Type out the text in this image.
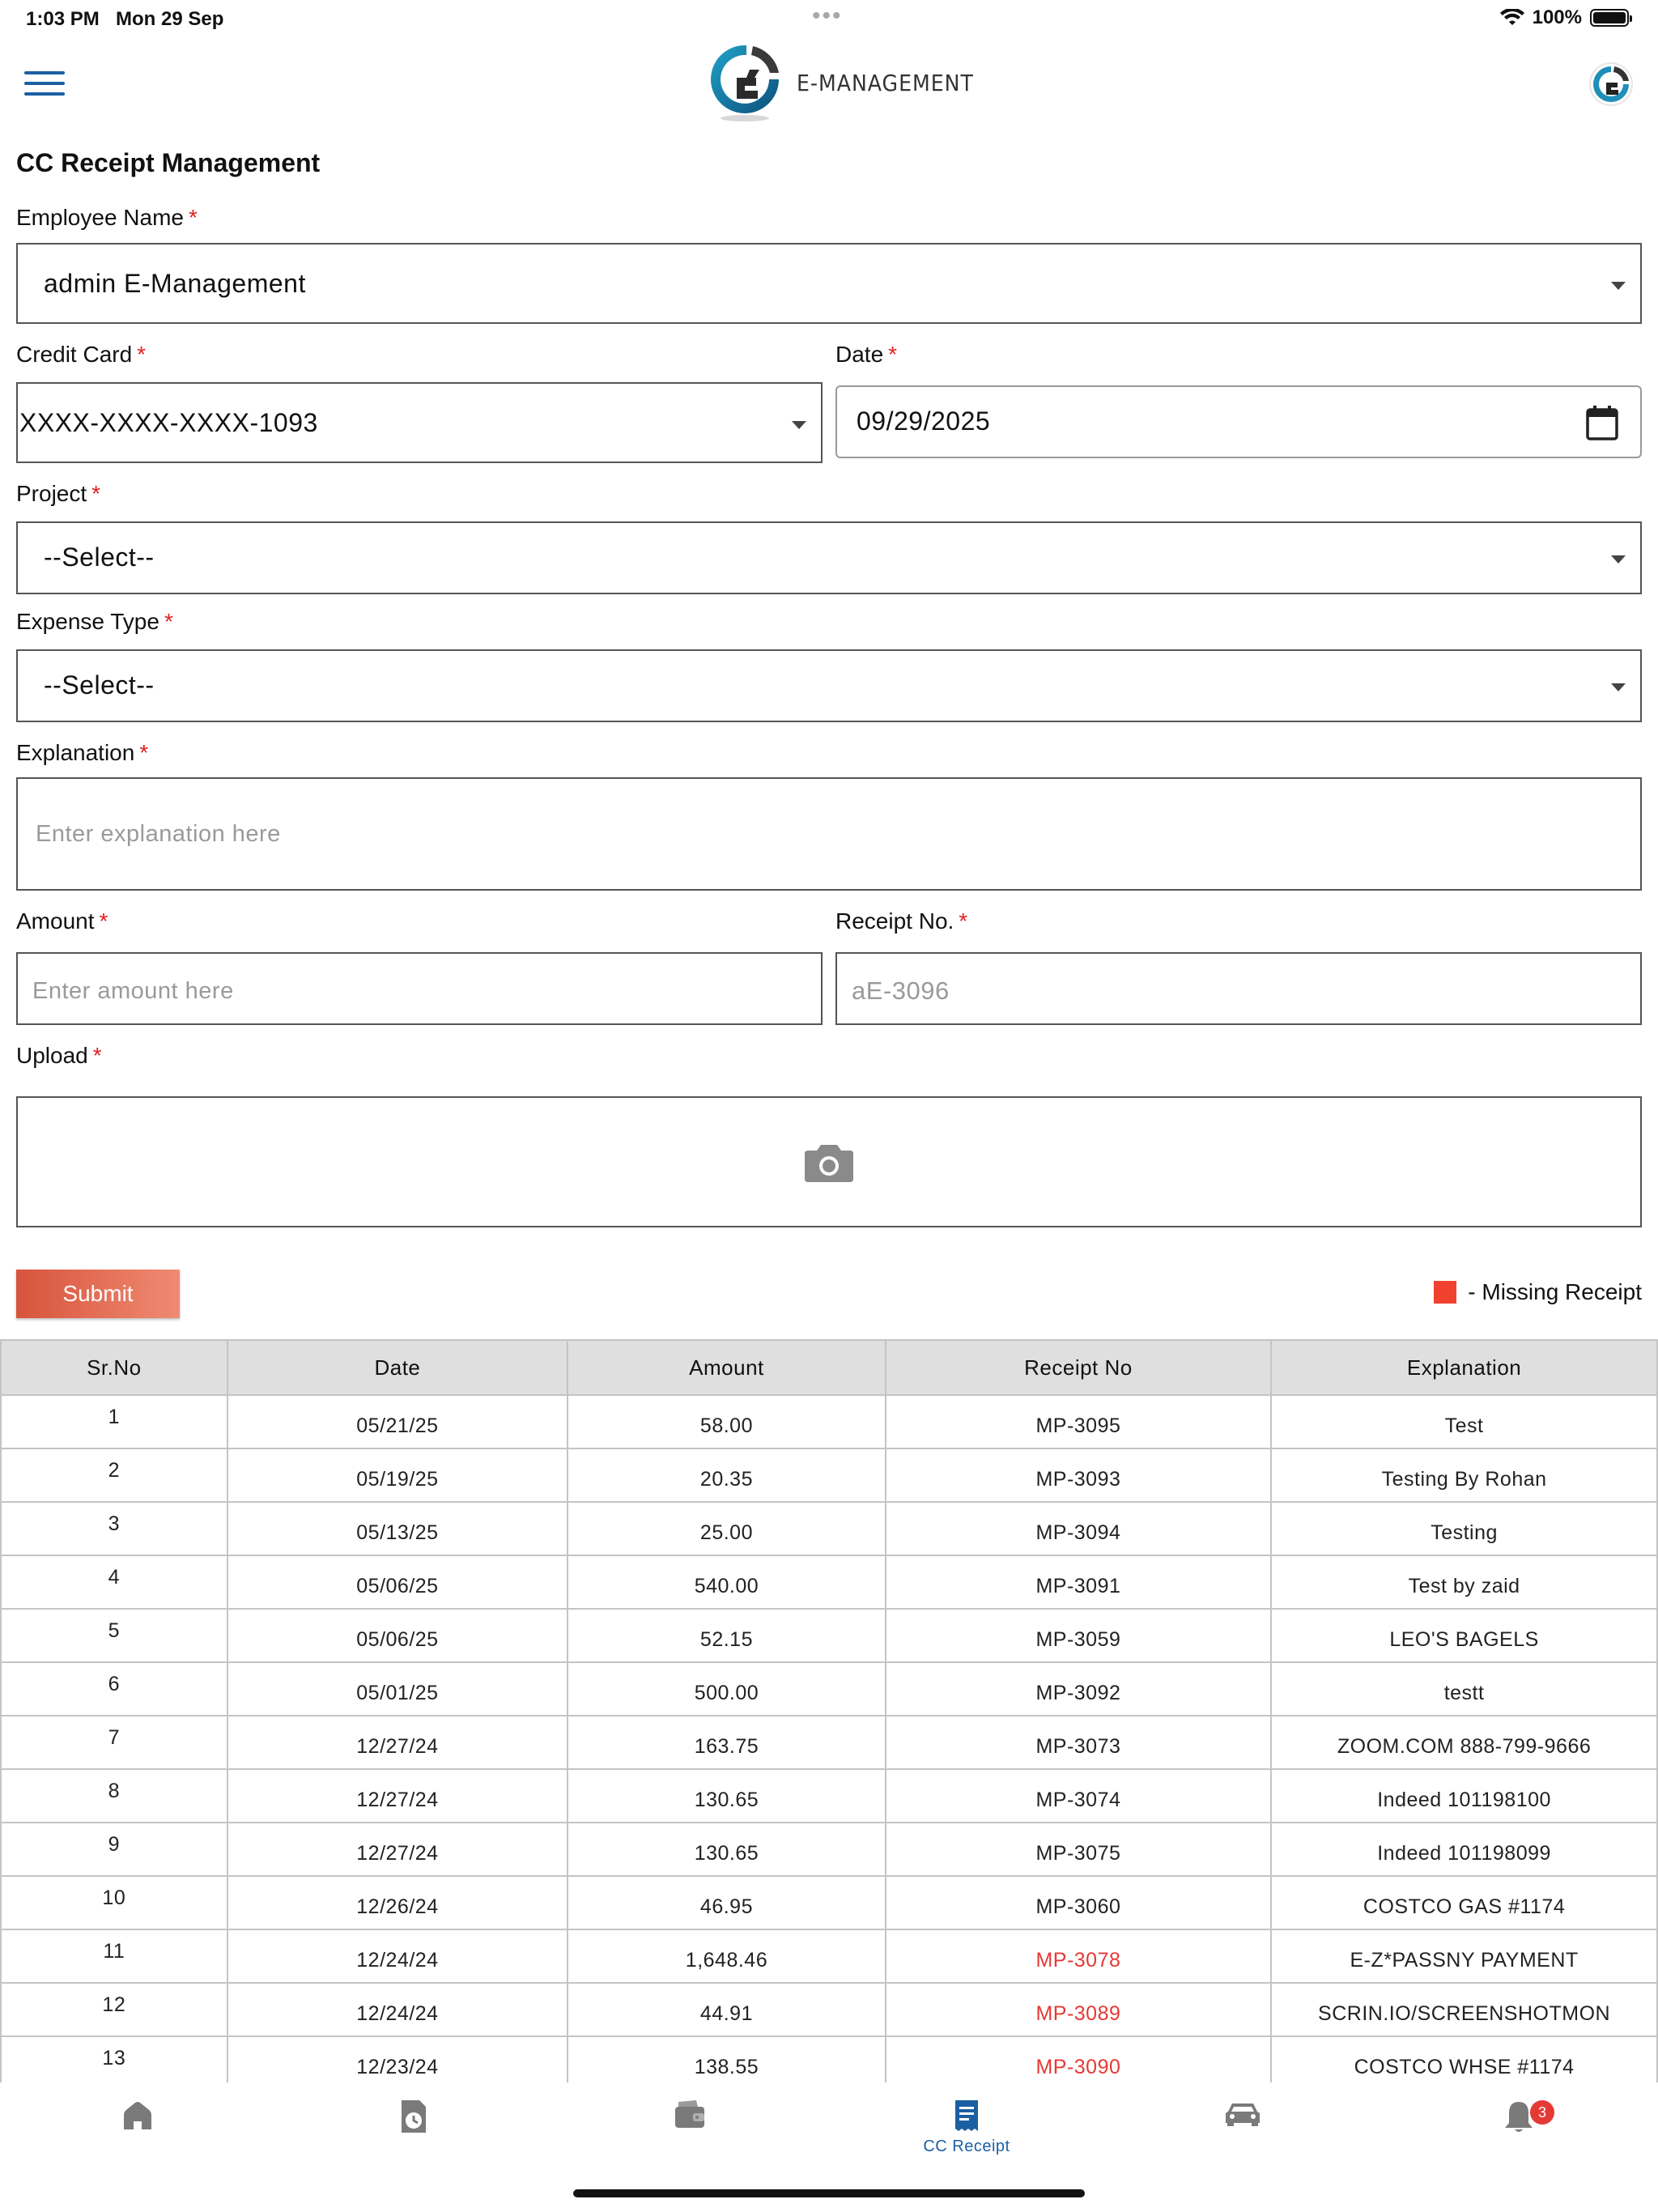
1:03 PM Mon 29 Sep	•••	100%
E-MANAGEMENT
CC Receipt Management
Employee Name *
admin E-Management
Credit Card *
XXXX-XXXX-XXXX-1093
Date *
09/29/2025
Project *
--Select--
Expense Type *
--Select--
Explanation *
Enter explanation here
Amount *
Enter amount here
Receipt No. *
aE-3096
Upload *
Submit	- Missing Receipt
Sr.No	Date	Amount	Receipt No	Explanation
1	05/21/25	58.00	MP-3095	Test
2	05/19/25	20.35	MP-3093	Testing By Rohan
3	05/13/25	25.00	MP-3094	Testing
4	05/06/25	540.00	MP-3091	Test by zaid
5	05/06/25	52.15	MP-3059	LEO'S BAGELS
6	05/01/25	500.00	MP-3092	testt
7	12/27/24	163.75	MP-3073	ZOOM.COM 888-799-9666
8	12/27/24	130.65	MP-3074	Indeed 101198100
9	12/27/24	130.65	MP-3075	Indeed 101198099
10	12/26/24	46.95	MP-3060	COSTCO GAS #1174
11	12/24/24	1,648.46	MP-3078	E-Z*PASSNY PAYMENT
12	12/24/24	44.91	MP-3089	SCRIN.IO/SCREENSHOTMON
13	12/23/24	138.55	MP-3090	COSTCO WHSE #1174
CC Receipt
3
